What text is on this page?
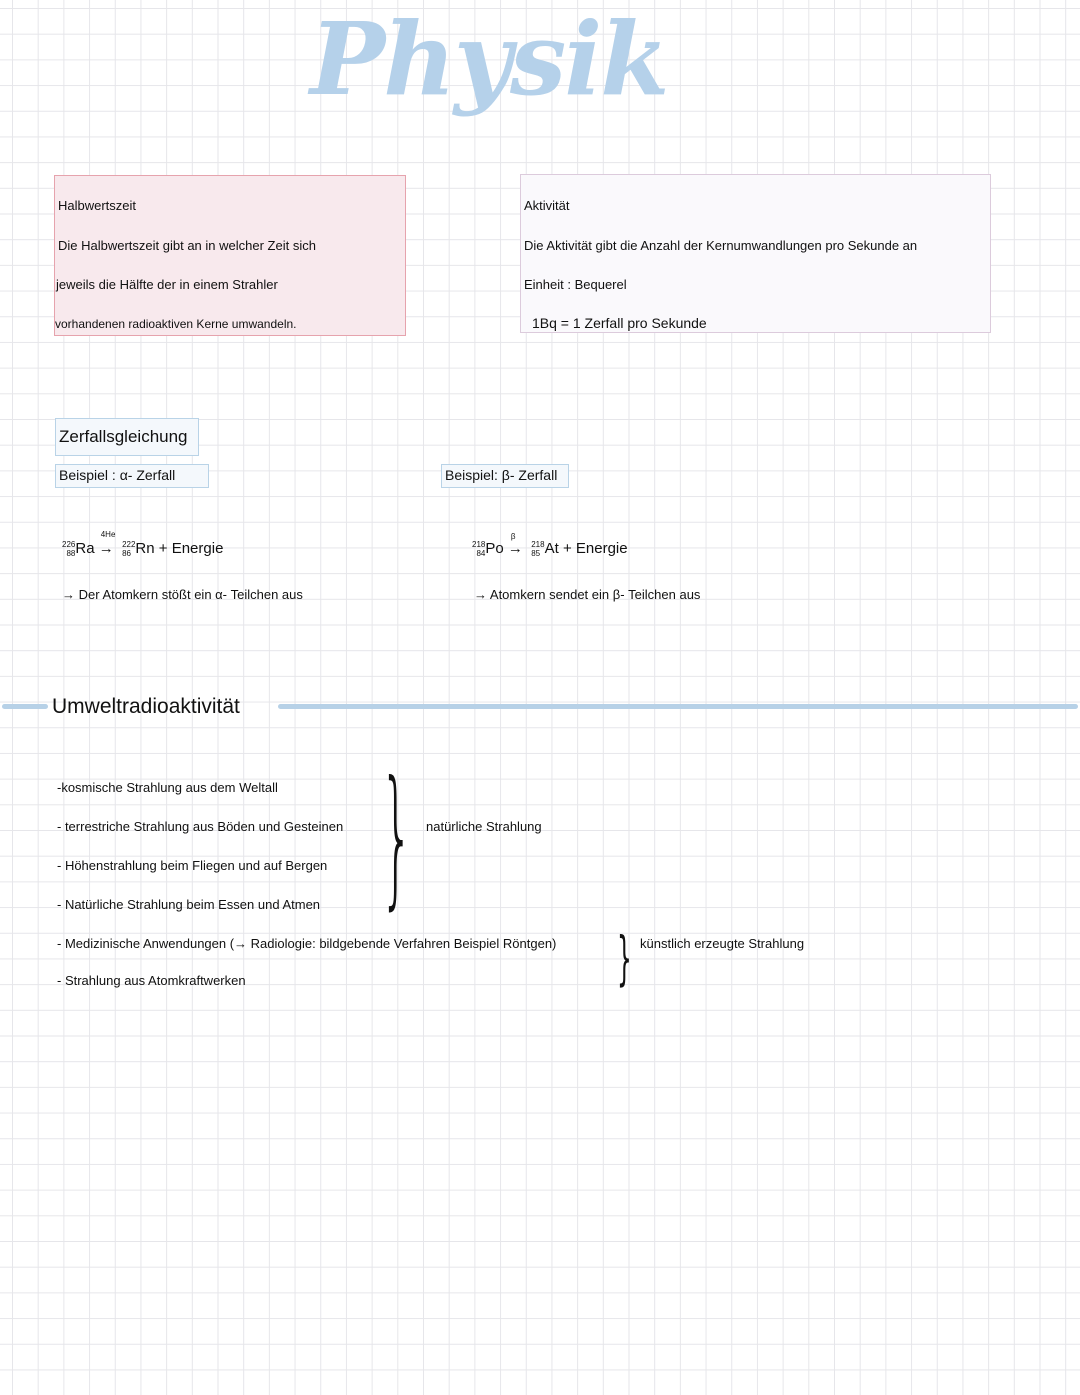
Physik
Halbwertszeit
Die Halbwertszeit gibt an in welcher Zeit sich
jeweils die Hälfte der in einem Strahler
vorhandenen radioaktiven Kerne umwandeln.
Aktivität
Die Aktivität gibt die Anzahl der Kernumwandlungen pro Sekunde an
Einheit : Bequerel
1Bq = 1 Zerfall pro Sekunde
Zerfallsgleichung
Beispiel : α- Zerfall	Beispiel: β- Zerfall
226
88Ra
4He
→ 222
86 Rn + Energie
→ Der Atomkern stößt ein α- Teilchen aus
218
84Po
β
→ 218
85 At + Energie
→ Atomkern sendet ein β- Teilchen aus
Umweltradioaktivität
-kosmische Strahlung aus dem Weltall
- terrestriche Strahlung aus Böden und Gesteinen
- Höhenstrahlung beim Fliegen und auf Bergen
- Natürliche Strahlung beim Essen und Atmen } natürliche Strahlung
- Medizinische Anwendungen (→ Radiologie: bildgebende Verfahren Beispiel Röntgen)
- Strahlung aus Atomkraftwerken	} künstlich erzeugte Strahlung
